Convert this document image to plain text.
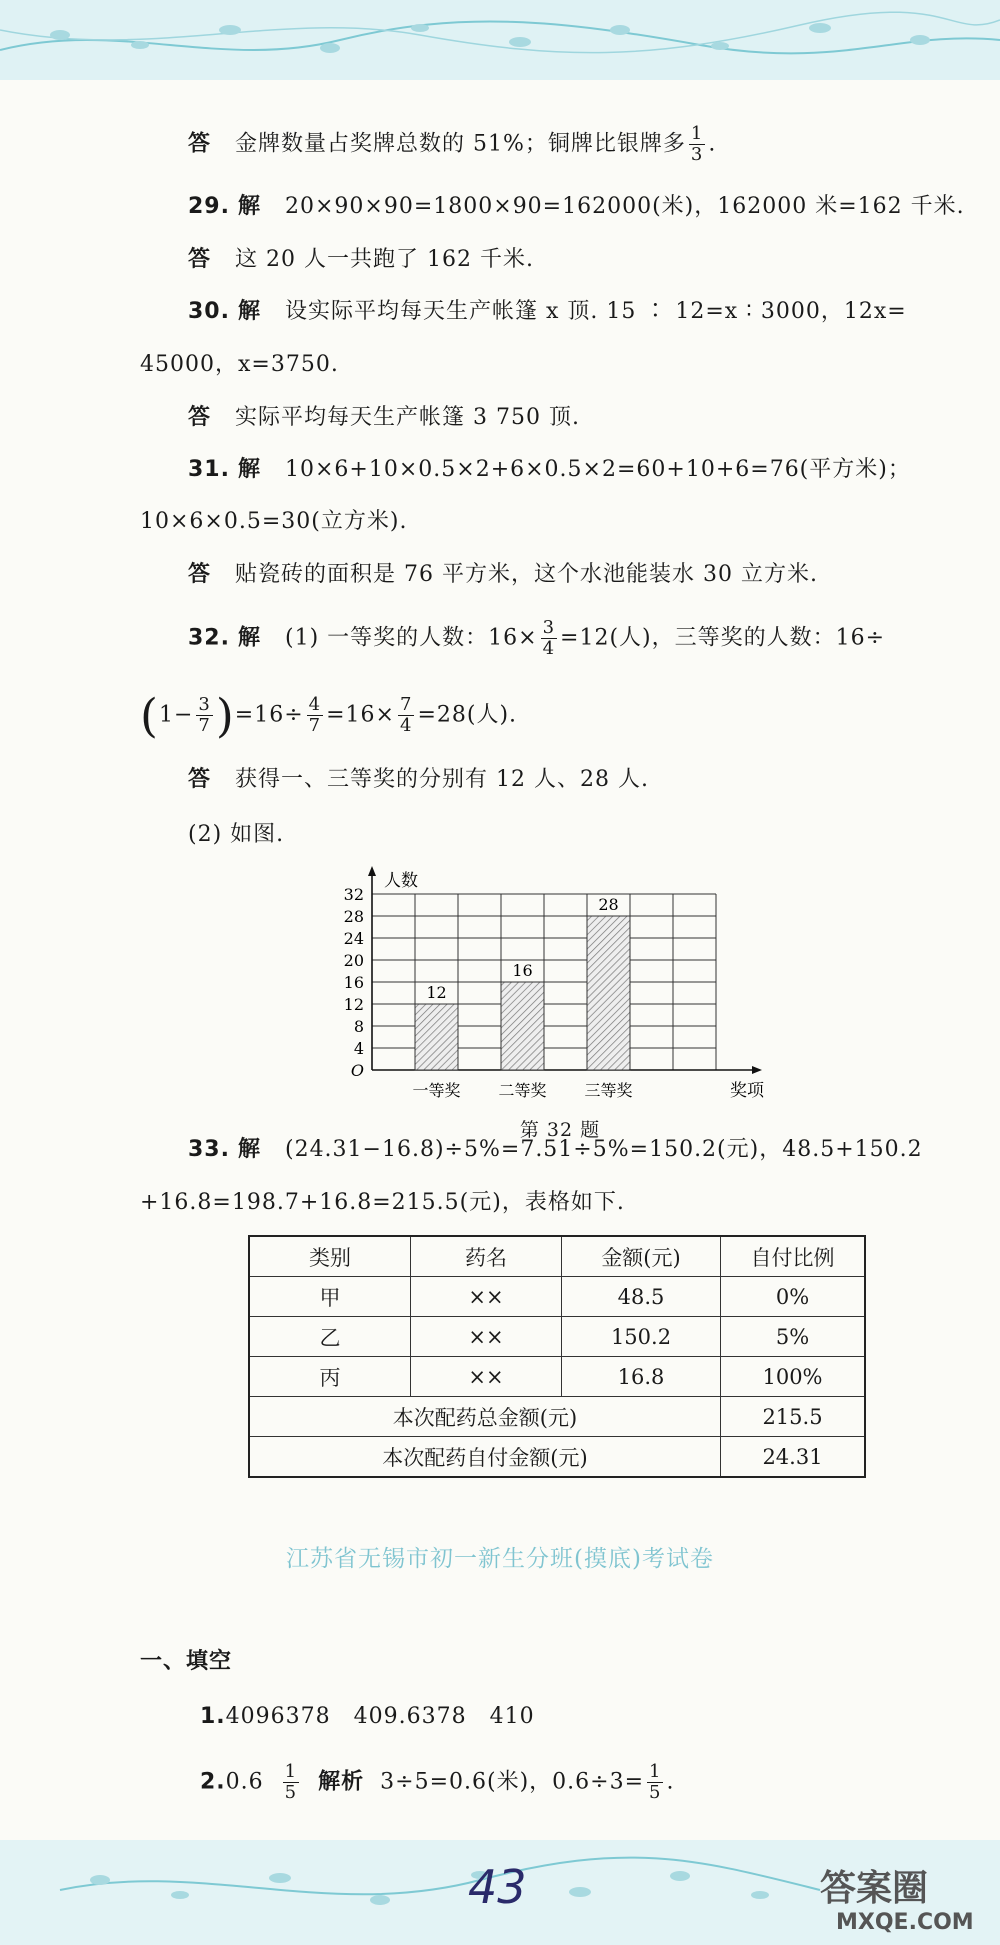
答 金牌数量占奖牌总数的 51%；铜牌比银牌多 $\frac{1}{3}$ .
29. 解 20×90×90=1800×90=162000(米)，162000 米=162 千米.
答 这 20 人一共跑了 162 千米.
30. 解 设实际平均每天生产帐篷 x 顶. 15 ∶ 12=x ∶ 3000，12x=
45000，x=3750.
答 实际平均每天生产帐篷 3 750 顶.
31. 解 10×6+10×0.5×2+6×0.5×2=60+10+6=76(平方米)；
10×6×0.5=30(立方米).
答 贴瓷砖的面积是 76 平方米，这个水池能装水 30 立方米.
32. 解 (1) 一等奖的人数：$16\times \frac{3}{4} =12$(人)，三等奖的人数：16÷
$(1- \frac{3}{7} )=16\div \frac{4}{7} =16\times \frac{7}{4} =28$(人).
答 获得一、三等奖的分别有 12 人、28 人.
(2) 如图.
O
4
8
12
16
20
24
28
32
人数
奖项
12
一等奖
16
二等奖
28
三等奖
第 32 题
33. 解 (24.31−16.8)÷5%=7.51÷5%=150.2(元)，48.5+150.2
+16.8=198.7+16.8=215.5(元)，表格如下.
类别	药名	金额(元)	自付比例
甲	××	48.5	0%
乙	××	150.2	5%
丙	××	16.8	100%
本次配药总金额(元)			215.5
本次配药自付金额(元)			24.31
江苏省无锡市初一新生分班(摸底)考试卷
一、填空
1.4096378　409.6378　410
$2.0.6 \frac{1}{5}$ 解析 3÷5=0.6(米)，$0.6\div 3= \frac{1}{5}$ .
43	答案圈
MXQE.COM
